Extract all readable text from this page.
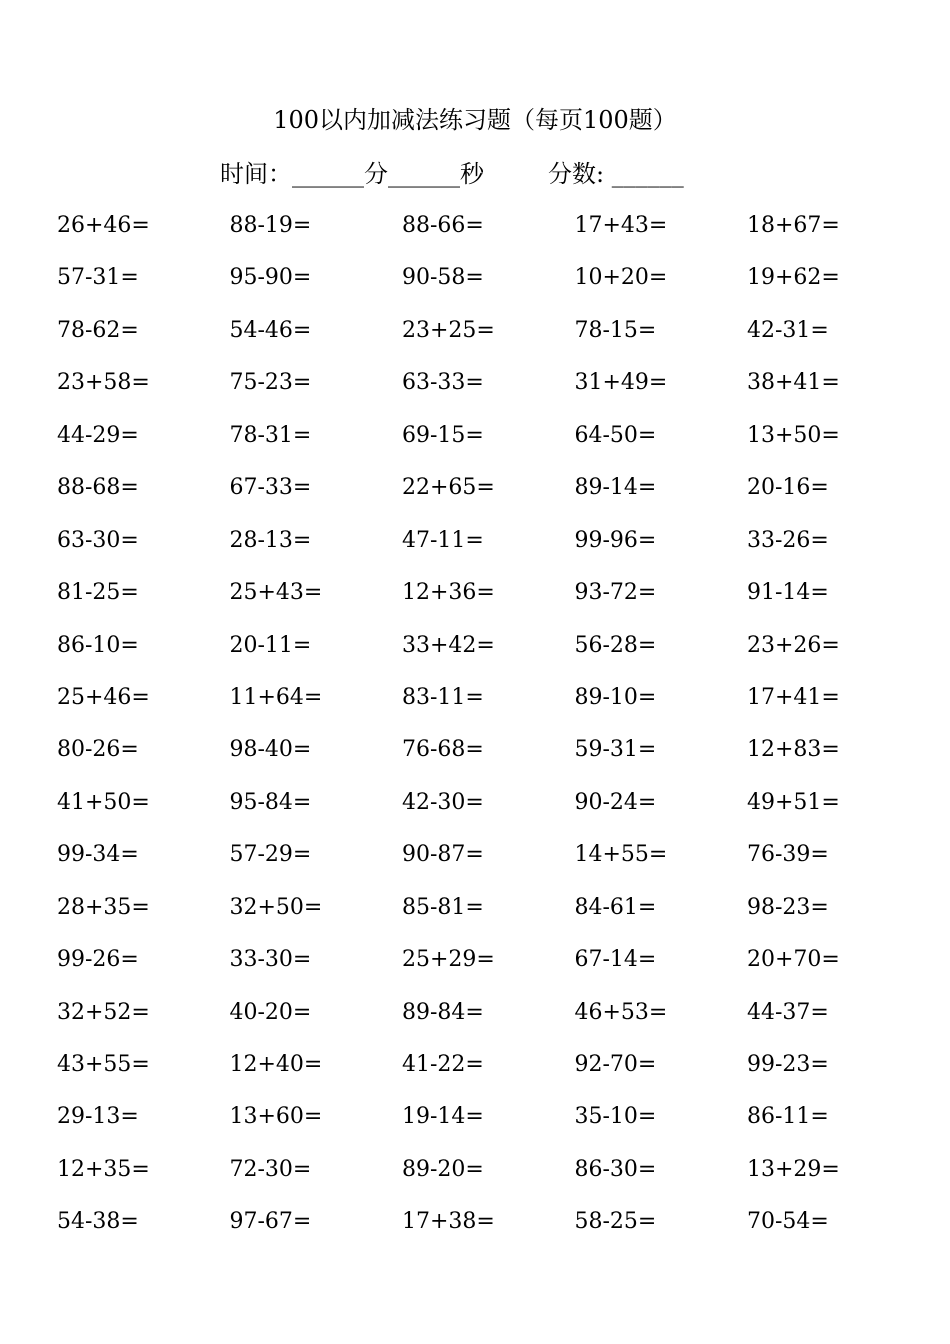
100以内加减法练习题（每页100题）
时间：______分______秒	分数: ______
26+46=	88-19=	88-66=	17+43=	18+67=
57-31=	95-90=	90-58=	10+20=	19+62=
78-62=	54-46=	23+25=	78-15=	42-31=
23+58=	75-23=	63-33=	31+49=	38+41=
44-29=	78-31=	69-15=	64-50=	13+50=
88-68=	67-33=	22+65=	89-14=	20-16=
63-30=	28-13=	47-11=	99-96=	33-26=
81-25=	25+43=	12+36=	93-72=	91-14=
86-10=	20-11=	33+42=	56-28=	23+26=
25+46=	11+64=	83-11=	89-10=	17+41=
80-26=	98-40=	76-68=	59-31=	12+83=
41+50=	95-84=	42-30=	90-24=	49+51=
99-34=	57-29=	90-87=	14+55=	76-39=
28+35=	32+50=	85-81=	84-61=	98-23=
99-26=	33-30=	25+29=	67-14=	20+70=
32+52=	40-20=	89-84=	46+53=	44-37=
43+55=	12+40=	41-22=	92-70=	99-23=
29-13=	13+60=	19-14=	35-10=	86-11=
12+35=	72-30=	89-20=	86-30=	13+29=
54-38=	97-67=	17+38=	58-25=	70-54=
